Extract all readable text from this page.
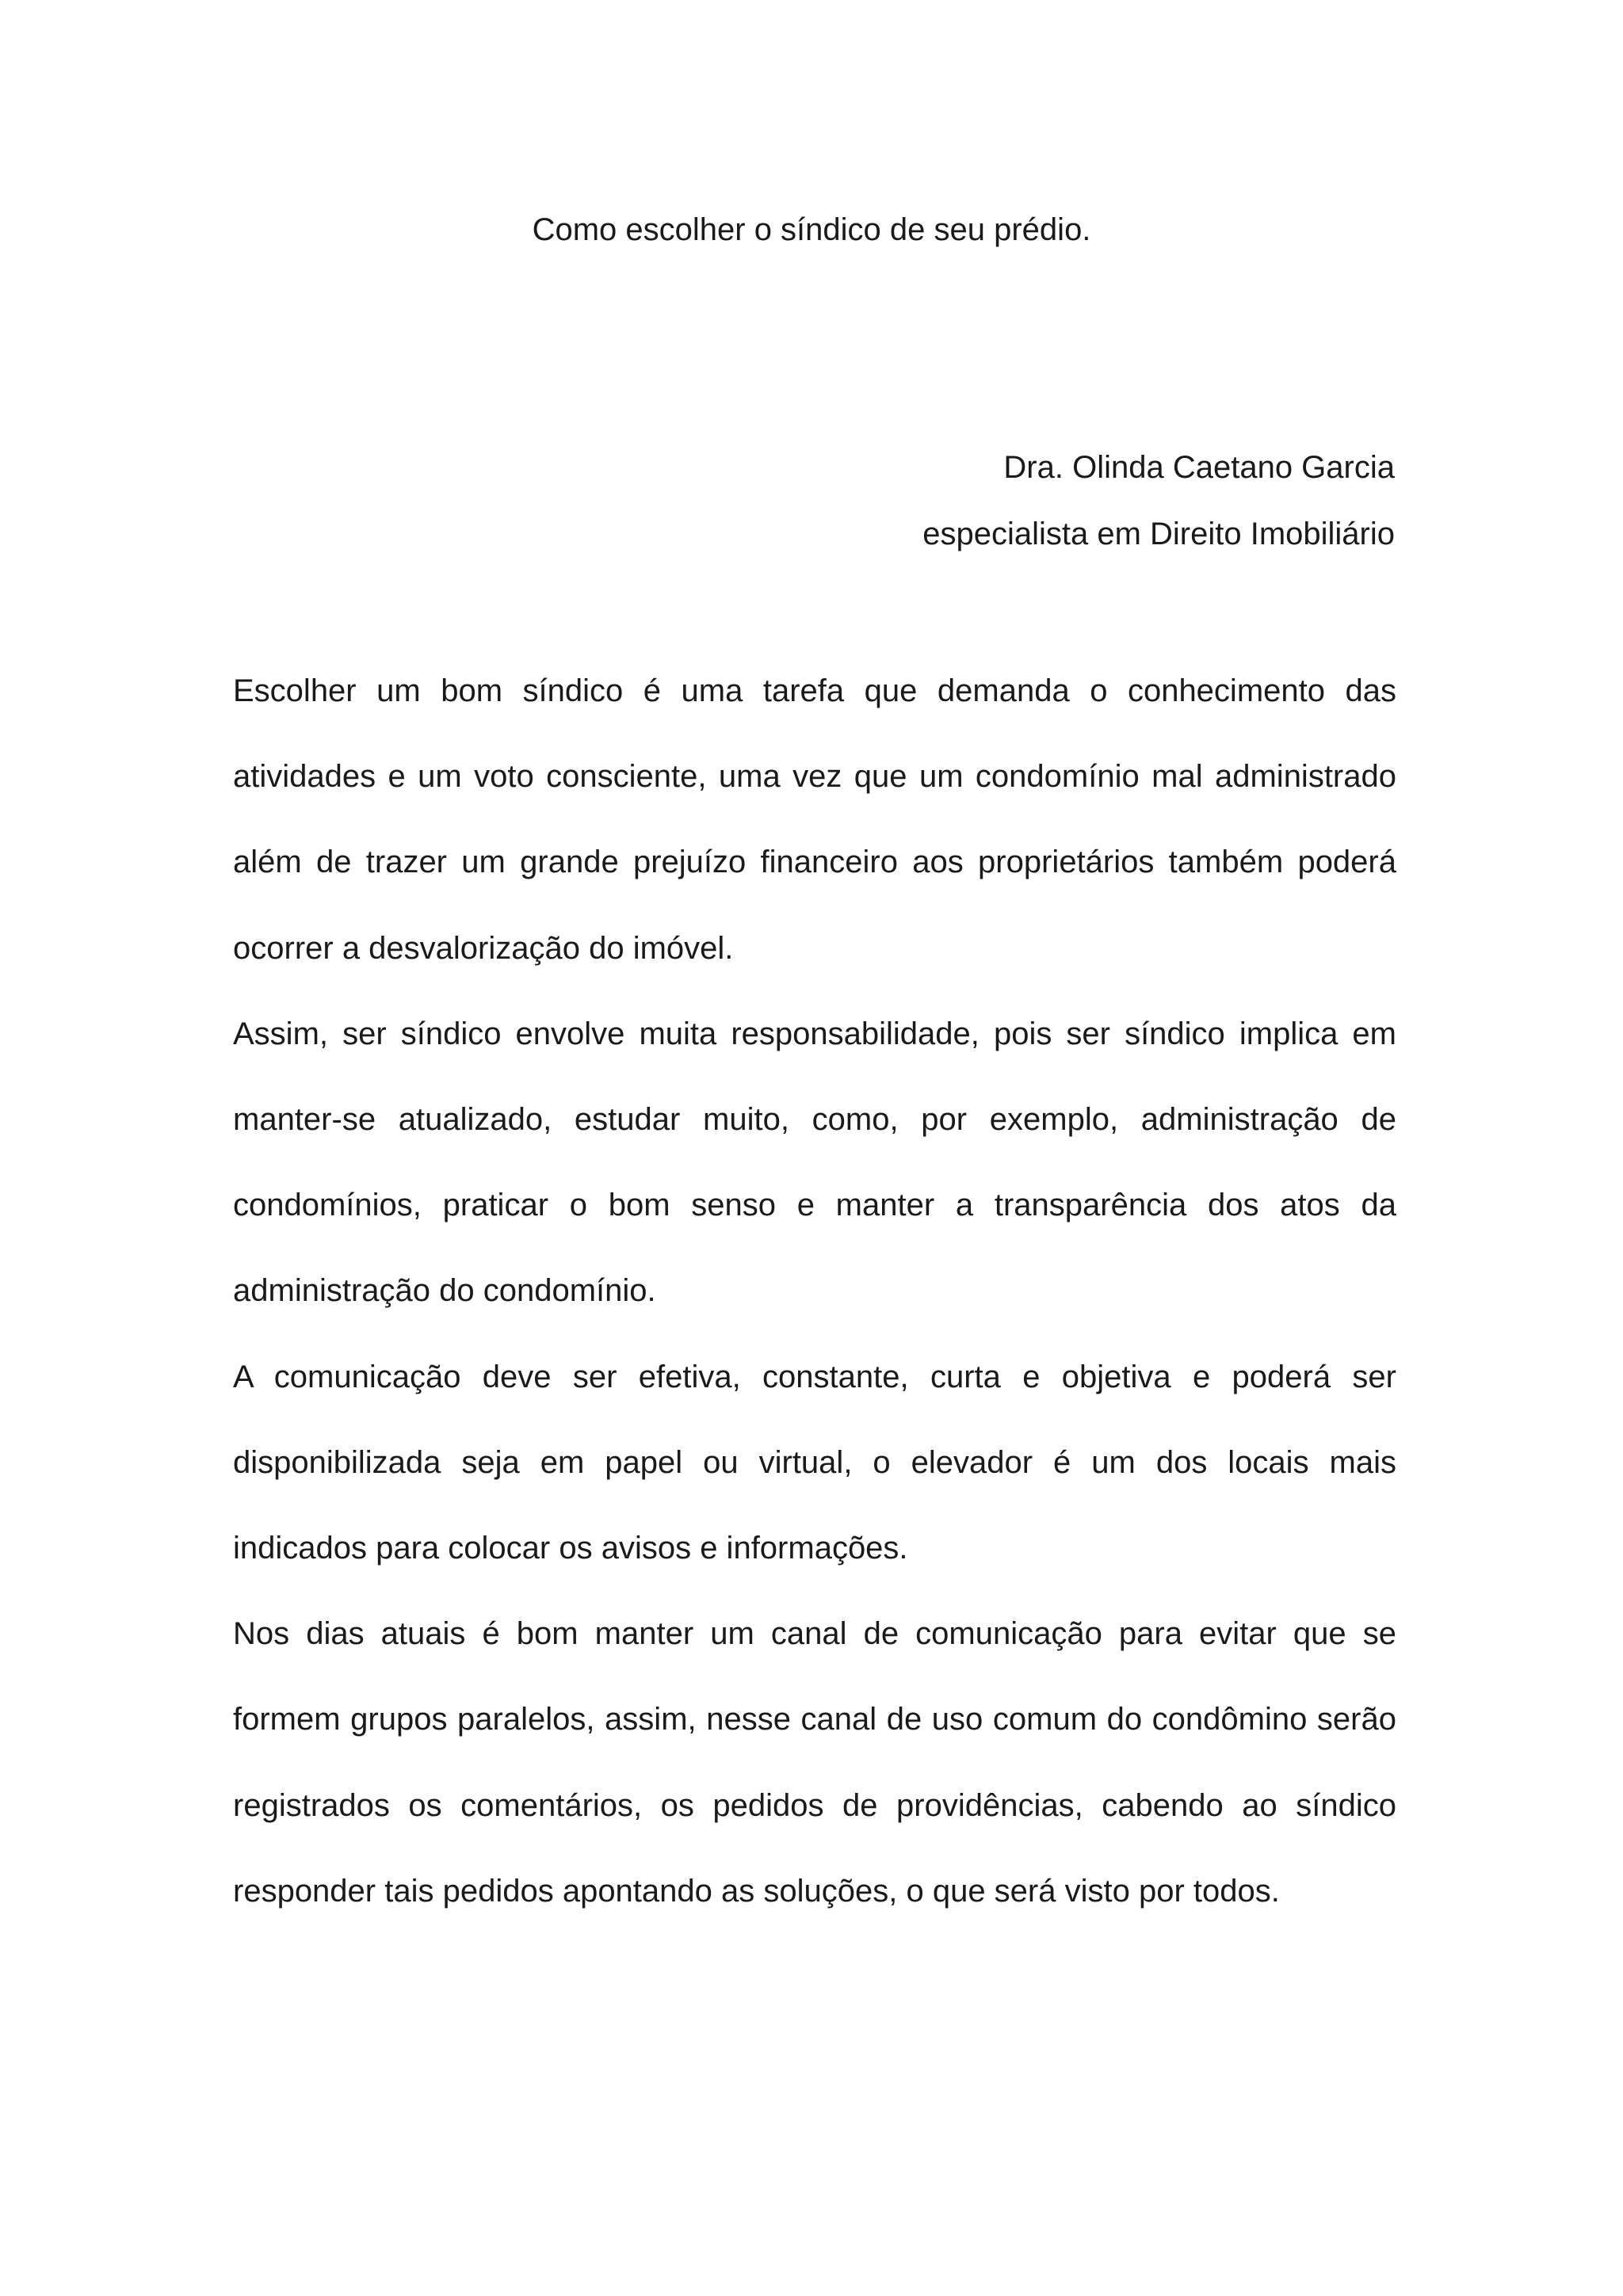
Como escolher o síndico de seu prédio.
Dra. Olinda Caetano Garcia
especialista em Direito Imobiliário

Escolher um bom síndico é uma tarefa que demanda o conhecimento das atividades e um voto consciente, uma vez que um condomínio mal administrado além de trazer um grande prejuízo financeiro aos proprietários também poderá ocorrer a desvalorização do imóvel.

Assim, ser síndico envolve muita responsabilidade, pois ser síndico implica em manter-se atualizado, estudar muito, como, por exemplo, administração de condomínios, praticar o bom senso e manter a transparência dos atos da administração do condomínio.

A comunicação deve ser efetiva, constante, curta e objetiva e poderá ser disponibilizada seja em papel ou virtual, o elevador é um dos locais mais indicados para colocar os avisos e informações.

Nos dias atuais é bom manter um canal de comunicação para evitar que se formem grupos paralelos, assim, nesse canal de uso comum do condômino serão registrados os comentários, os pedidos de providências, cabendo ao síndico responder tais pedidos apontando as soluções, o que será visto por todos.
